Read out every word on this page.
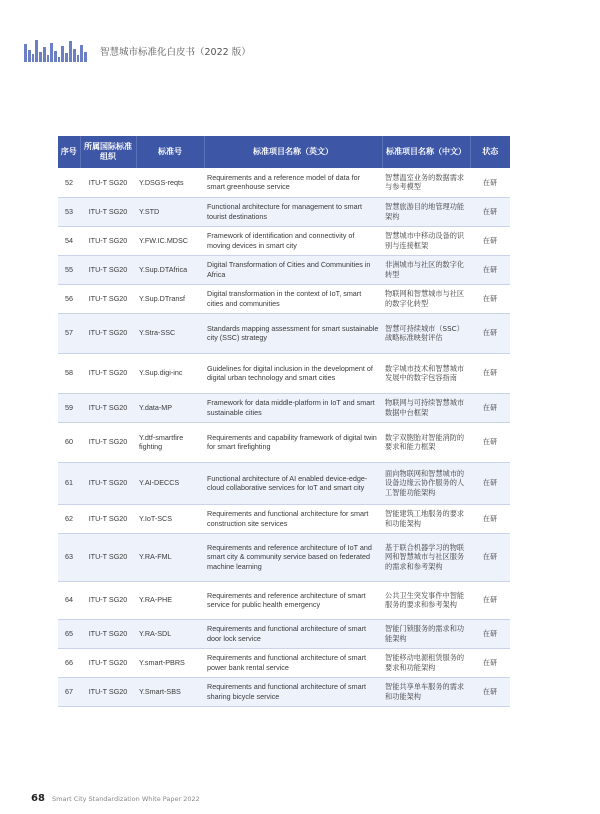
智慧城市标准化白皮书（2022 版）
序号	所属国际标准组织	标准号	标准项目名称（英文）	标准项目名称（中文）	状态
52	ITU-T SG20	Y.DSGS-reqts	Requirements and a reference model of data for smart greenhouse service	智慧温室业务的数据需求与参考模型	在研
53	ITU-T SG20	Y.STD	Functional architecture for management to smart tourist destinations	智慧旅游目的地管理功能架构	在研
54	ITU-T SG20	Y.FW.IC.MDSC	Framework of identification and connectivity of moving devices in smart city	智慧城市中移动设备的识别与连接框架	在研
55	ITU-T SG20	Y.Sup.DTAfrica	Digital Transformation of Cities and Communities in Africa	非洲城市与社区的数字化转型	在研
56	ITU-T SG20	Y.Sup.DTransf	Digital transformation in the context of IoT, smart cities and communities	物联网和智慧城市与社区的数字化转型	在研
57	ITU-T SG20	Y.Stra-SSC	Standards mapping assessment for smart sustainable city (SSC) strategy	智慧可持续城市（SSC）战略标准映射评估	在研
58	ITU-T SG20	Y.Sup.digi-inc	Guidelines for digital inclusion in the development of digital urban technology and smart cities	数字城市技术和智慧城市发展中的数字包容指南	在研
59	ITU-T SG20	Y.data-MP	Framework for data middle-platform in IoT and smart sustainable cities	物联网与可持续智慧城市数据中台框架	在研
60	ITU-T SG20	Y.dtf-smartfire fighting	Requirements and capability framework of digital twin for smart firefighting	数字双胞胎对智能消防的要求和能力框架	在研
61	ITU-T SG20	Y.AI-DECCS	Functional architecture of AI enabled device-edge-cloud collaborative services for IoT and smart city	面向物联网和智慧城市的设备边缘云协作服务的人工智能功能架构	在研
62	ITU-T SG20	Y.IoT-SCS	Requirements and functional architecture for smart construction site services	智能建筑工地服务的要求和功能架构	在研
63	ITU-T SG20	Y.RA-FML	Requirements and reference architecture of IoT and smart city & community service based on federated machine learning	基于联合机器学习的物联网和智慧城市与社区服务的需求和参考架构	在研
64	ITU-T SG20	Y.RA-PHE	Requirements and reference architecture of smart service for public health emergency	公共卫生突发事件中智能服务的要求和参考架构	在研
65	ITU-T SG20	Y.RA-SDL	Requirements and functional architecture of smart door lock service	智能门锁服务的需求和功能架构	在研
66	ITU-T SG20	Y.smart-PBRS	Requirements and functional architecture of smart power bank rental service	智能移动电源租赁服务的要求和功能架构	在研
67	ITU-T SG20	Y.Smart-SBS	Requirements and functional architecture of smart sharing bicycle service	智能共享单车服务的需求和功能架构	在研
68 Smart City Standardization White Paper 2022
